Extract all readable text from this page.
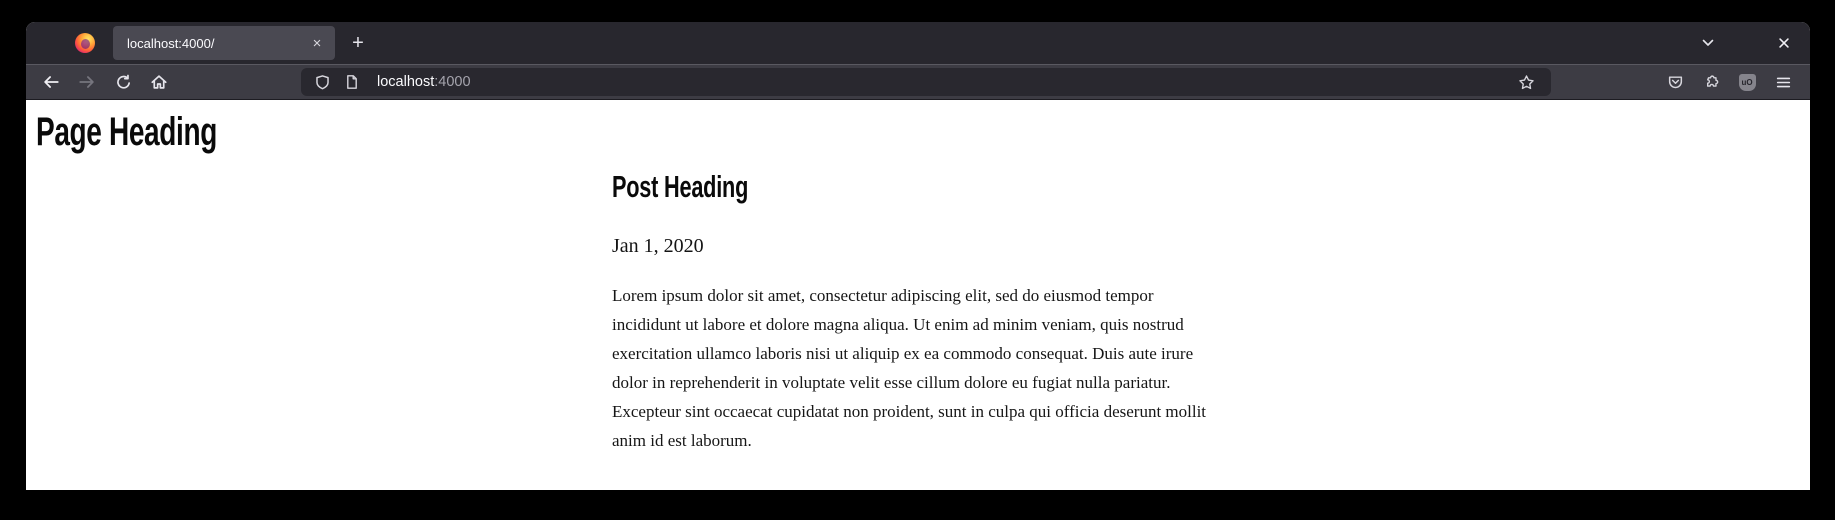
localhost:4000/	×	+
localhost:4000	uO
Page Heading
Post Heading
Jan 1, 2020

Lorem ipsum dolor sit amet, consectetur adipiscing elit, sed do eiusmod tempor incididunt ut labore et dolore magna aliqua. Ut enim ad minim veniam, quis nostrud exercitation ullamco laboris nisi ut aliquip ex ea commodo consequat. Duis aute irure dolor in reprehenderit in voluptate velit esse cillum dolore eu fugiat nulla pariatur. Excepteur sint occaecat cupidatat non proident, sunt in culpa qui officia deserunt mollit anim id est laborum.
